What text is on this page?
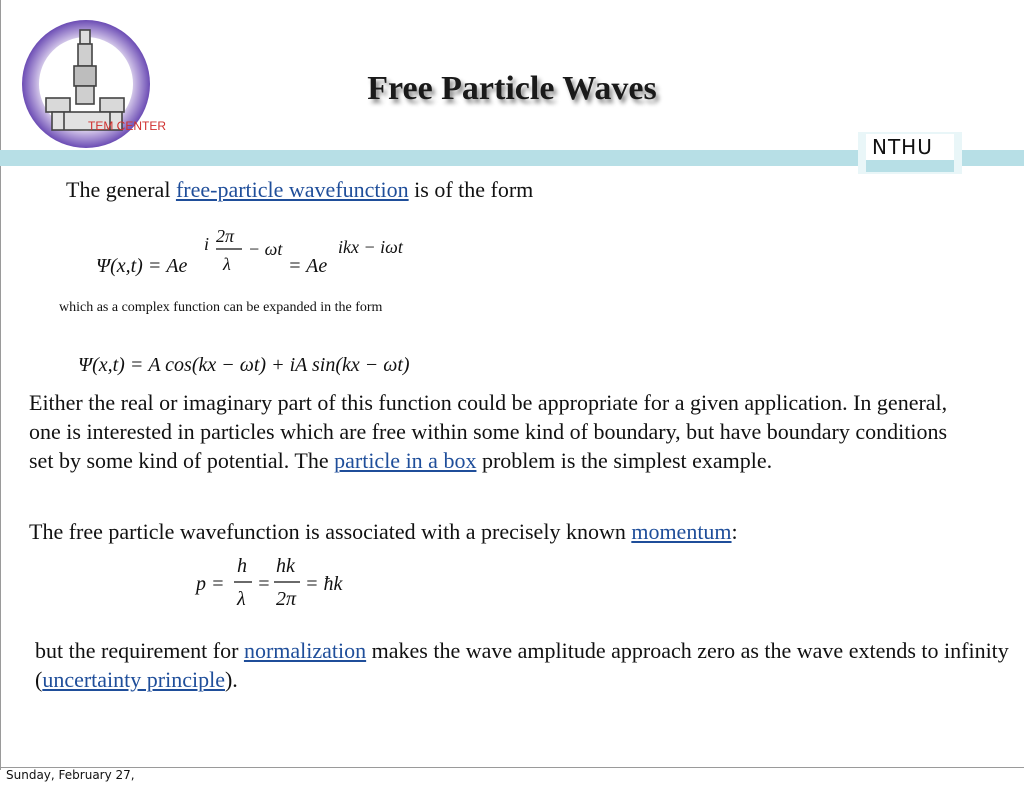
TEM CENTER
Free Particle Waves
NTHU
The general free-particle wavefunction is of the form
Ψ(x,t) = Ae
i 2π
λ
− ωt
= Ae
ikx − iωt
which as a complex function can be expanded in the form
Ψ(x,t) = A cos(kx − ωt) + iA sin(kx − ωt)
Either the real or imaginary part of this function could be appropriate for a given application. In general, one is interested in particles which are free within some kind of boundary, but have boundary conditions set by some kind of potential. The particle in a box problem is the simplest example.
The free particle wavefunction is associated with a precisely known momentum:
p =
h
λ
=
hk
2π
= ħk
but the requirement for normalization makes the wave amplitude approach zero as the wave extends to infinity (uncertainty principle).
Sunday, February 27,
